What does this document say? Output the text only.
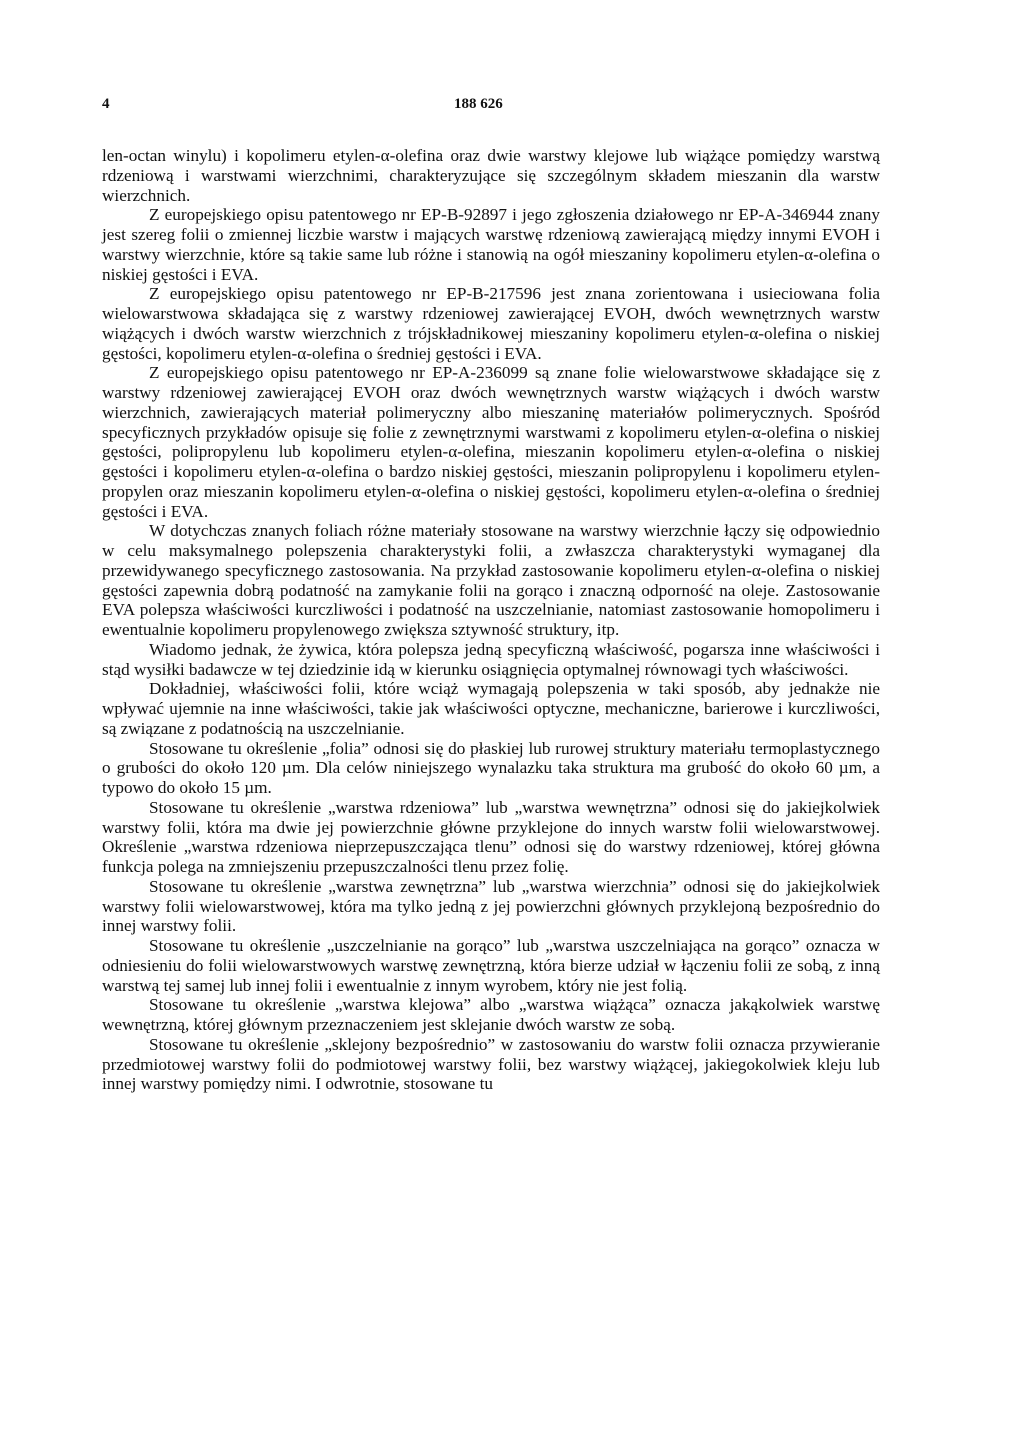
4	188 626

len-octan winylu) i kopolimeru etylen-α-olefina oraz dwie warstwy klejowe lub wiążące pomiędzy warstwą rdzeniową i warstwami wierzchnimi, charakteryzujące się szczególnym składem mieszanin dla warstw wierzchnich.

Z europejskiego opisu patentowego nr EP-B-92897 i jego zgłoszenia działowego nr EP-A-346944 znany jest szereg folii o zmiennej liczbie warstw i mających warstwę rdzeniową zawierającą między innymi EVOH i warstwy wierzchnie, które są takie same lub różne i stanowią na ogół mieszaniny kopolimeru etylen-α-olefina o niskiej gęstości i EVA.

Z europejskiego opisu patentowego nr EP-B-217596 jest znana zorientowana i usieciowana folia wielowarstwowa składająca się z warstwy rdzeniowej zawierającej EVOH, dwóch wewnętrznych warstw wiążących i dwóch warstw wierzchnich z trójskładnikowej mieszaniny kopolimeru etylen-α-olefina o niskiej gęstości, kopolimeru etylen-α-olefina o średniej gęstości i EVA.

Z europejskiego opisu patentowego nr EP-A-236099 są znane folie wielowarstwowe składające się z warstwy rdzeniowej zawierającej EVOH oraz dwóch wewnętrznych warstw wiążących i dwóch warstw wierzchnich, zawierających materiał polimeryczny albo mieszaninę materiałów polimerycznych. Spośród specyficznych przykładów opisuje się folie z zewnętrznymi warstwami z kopolimeru etylen-α-olefina o niskiej gęstości, polipropylenu lub kopolimeru etylen-α-olefina, mieszanin kopolimeru etylen-α-olefina o niskiej gęstości i kopolimeru etylen-α-olefina o bardzo niskiej gęstości, mieszanin polipropylenu i kopolimeru etylen-propylen oraz mieszanin kopolimeru etylen-α-olefina o niskiej gęstości, kopolimeru etylen-α-olefina o średniej gęstości i EVA.

W dotychczas znanych foliach różne materiały stosowane na warstwy wierzchnie łączy się odpowiednio w celu maksymalnego polepszenia charakterystyki folii, a zwłaszcza charakterystyki wymaganej dla przewidywanego specyficznego zastosowania. Na przykład zastosowanie kopolimeru etylen-α-olefina o niskiej gęstości zapewnia dobrą podatność na zamykanie folii na gorąco i znaczną odporność na oleje. Zastosowanie EVA polepsza właściwości kurczliwości i podatność na uszczelnianie, natomiast zastosowanie homopolimeru i ewentualnie kopolimeru propylenowego zwiększa sztywność struktury, itp.

Wiadomo jednak, że żywica, która polepsza jedną specyficzną właściwość, pogarsza inne właściwości i stąd wysiłki badawcze w tej dziedzinie idą w kierunku osiągnięcia optymalnej równowagi tych właściwości.

Dokładniej, właściwości folii, które wciąż wymagają polepszenia w taki sposób, aby jednakże nie wpływać ujemnie na inne właściwości, takie jak właściwości optyczne, mechaniczne, barierowe i kurczliwości, są związane z podatnością na uszczelnianie.

Stosowane tu określenie „folia” odnosi się do płaskiej lub rurowej struktury materiału termoplastycznego o grubości do około 120 µm. Dla celów niniejszego wynalazku taka struktura ma grubość do około 60 µm, a typowo do około 15 µm.

Stosowane tu określenie „warstwa rdzeniowa” lub „warstwa wewnętrzna” odnosi się do jakiejkolwiek warstwy folii, która ma dwie jej powierzchnie główne przyklejone do innych warstw folii wielowarstwowej. Określenie „warstwa rdzeniowa nieprzepuszczająca tlenu” odnosi się do warstwy rdzeniowej, której główna funkcja polega na zmniejszeniu przepuszczalności tlenu przez folię.

Stosowane tu określenie „warstwa zewnętrzna” lub „warstwa wierzchnia” odnosi się do jakiejkolwiek warstwy folii wielowarstwowej, która ma tylko jedną z jej powierzchni głównych przyklejoną bezpośrednio do innej warstwy folii.

Stosowane tu określenie „uszczelnianie na gorąco” lub „warstwa uszczelniająca na gorąco” oznacza w odniesieniu do folii wielowarstwowych warstwę zewnętrzną, która bierze udział w łączeniu folii ze sobą, z inną warstwą tej samej lub innej folii i ewentualnie z innym wyrobem, który nie jest folią.

Stosowane tu określenie „warstwa klejowa” albo „warstwa wiążąca” oznacza jakąkolwiek warstwę wewnętrzną, której głównym przeznaczeniem jest sklejanie dwóch warstw ze sobą.

Stosowane tu określenie „sklejony bezpośrednio” w zastosowaniu do warstw folii oznacza przywieranie przedmiotowej warstwy folii do podmiotowej warstwy folii, bez warstwy wiążącej, jakiegokolwiek kleju lub innej warstwy pomiędzy nimi. I odwrotnie, stosowane tu
